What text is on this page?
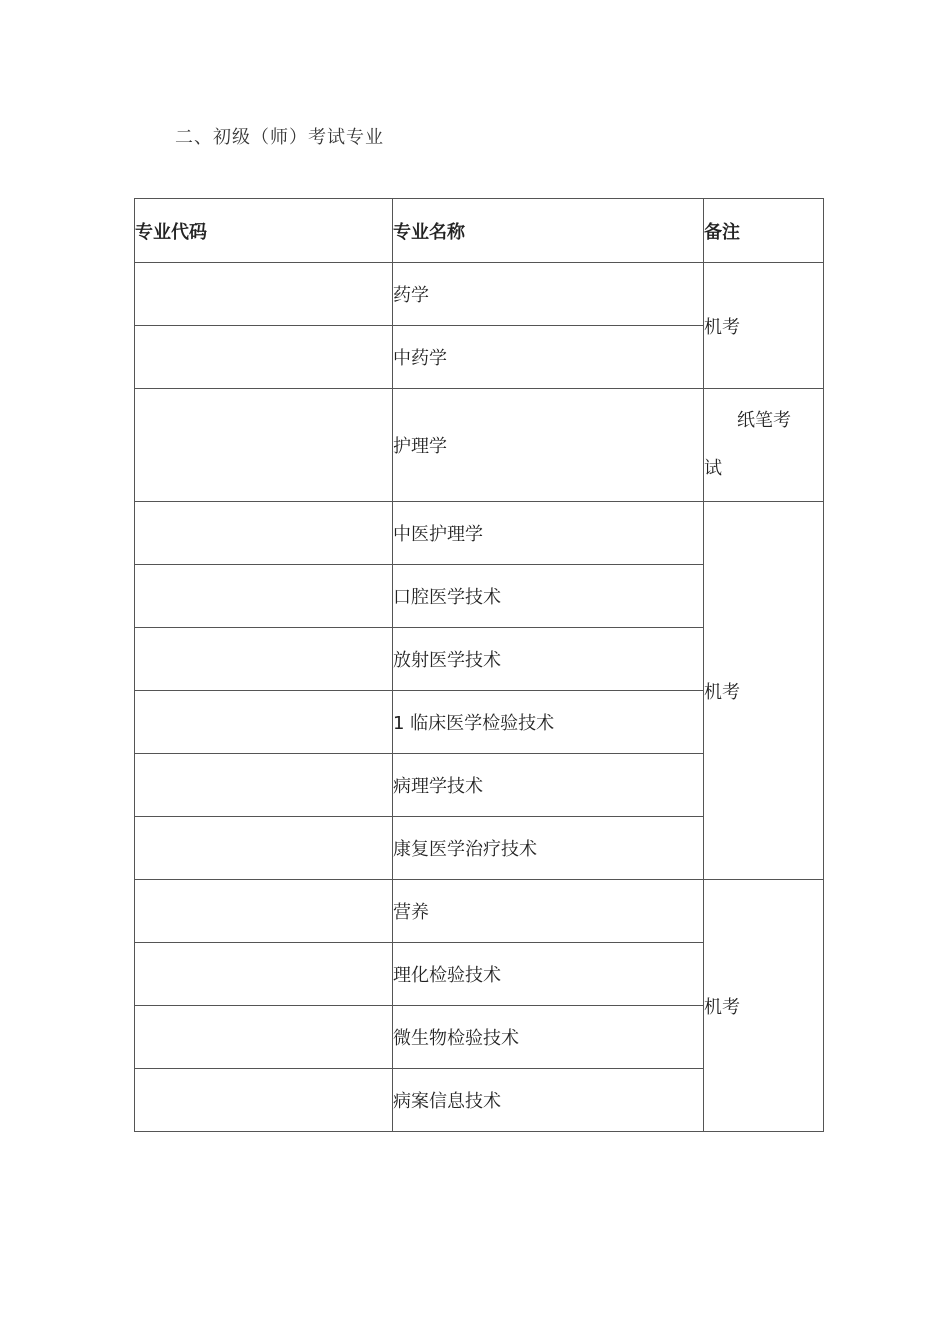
二、初级（师）考试专业
专业代码	专业名称	备注
	药学	机考
	中药学	
	护理学	纸笔考
试

	中医护理学	机考
	口腔医学技术	
	放射医学技术	
	1 临床医学检验技术	
	病理学技术	
	康复医学治疗技术	
	营养	机考
	理化检验技术	
	微生物检验技术	
	病案信息技术	
